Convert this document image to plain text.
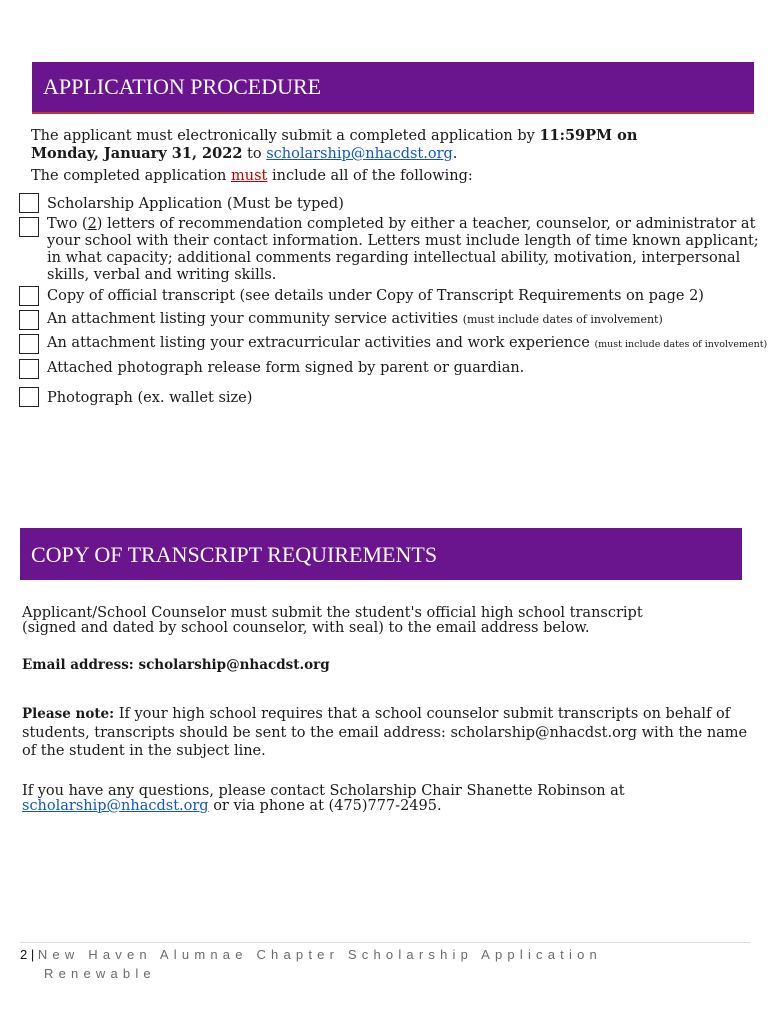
APPLICATION PROCEDURE

The applicant must electronically submit a completed application by 11:59PM on
Monday, January 31, 2022 to scholarship@nhacdst.org.

The completed application must include all of the following:

Scholarship Application (Must be typed)

Two (2) letters of recommendation completed by either a teacher, counselor, or administrator at your school with their contact information. Letters must include length of time known applicant; in what capacity; additional comments regarding intellectual ability, motivation, interpersonal skills, verbal and writing skills.

Copy of official transcript (see details under Copy of Transcript Requirements on page 2)

An attachment listing your community service activities (must include dates of involvement)

An attachment listing your extracurricular activities and work experience (must include dates of involvement)

Attached photograph release form signed by parent or guardian.

Photograph (ex. wallet size)

COPY OF TRANSCRIPT REQUIREMENTS

Applicant/School Counselor must submit the student's official high school transcript
(signed and dated by school counselor, with seal) to the email address below.

Email address: scholarship@nhacdst.org

Please note: If your high school requires that a school counselor submit transcripts on behalf of students, transcripts should be sent to the email address: scholarship@nhacdst.org with the name of the student in the subject line.

If you have any questions, please contact Scholarship Chair Shanette Robinson at
scholarship@nhacdst.org or via phone at (475)777-2495.

2 | New Haven Alumnae Chapter Scholarship Application
Renewable
